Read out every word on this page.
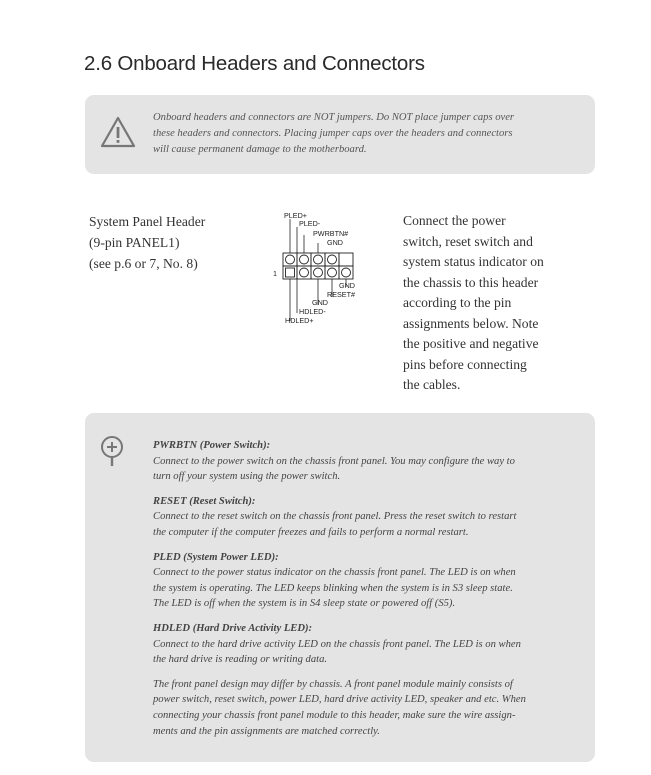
2.6 Onboard Headers and Connectors
Onboard headers and connectors are NOT jumpers. Do NOT place jumper caps over
these headers and connectors. Placing jumper caps over the headers and connectors
will cause permanent damage to the motherboard.
System Panel Header
(9-pin PANEL1)
(see p.6 or 7, No. 8)
PLED+
PLED-
PWRBTN#
GND
1
GND
RESET#
GND
HDLED-
HDLED+
Connect the power
switch, reset switch and
system status indicator on
the chassis to this header
according to the pin
assignments below. Note
the positive and negative
pins before connecting
the cables.
PWRBTN (Power Switch):

Connect to the power switch on the chassis front panel. You may configure the way to

turn off your system using the power switch.

RESET (Reset Switch):

Connect to the reset switch on the chassis front panel. Press the reset switch to restart

the computer if the computer freezes and fails to perform a normal restart.

PLED (System Power LED):

Connect to the power status indicator on the chassis front panel. The LED is on when

the system is operating. The LED keeps blinking when the system is in S3 sleep state.

The LED is off when the system is in S4 sleep state or powered off (S5).

HDLED (Hard Drive Activity LED):

Connect to the hard drive activity LED on the chassis front panel. The LED is on when

the hard drive is reading or writing data.

The front panel design may differ by chassis. A front panel module mainly consists of

power switch, reset switch, power LED, hard drive activity LED, speaker and etc. When

connecting your chassis front panel module to this header, make sure the wire assign-

ments and the pin assignments are matched correctly.
